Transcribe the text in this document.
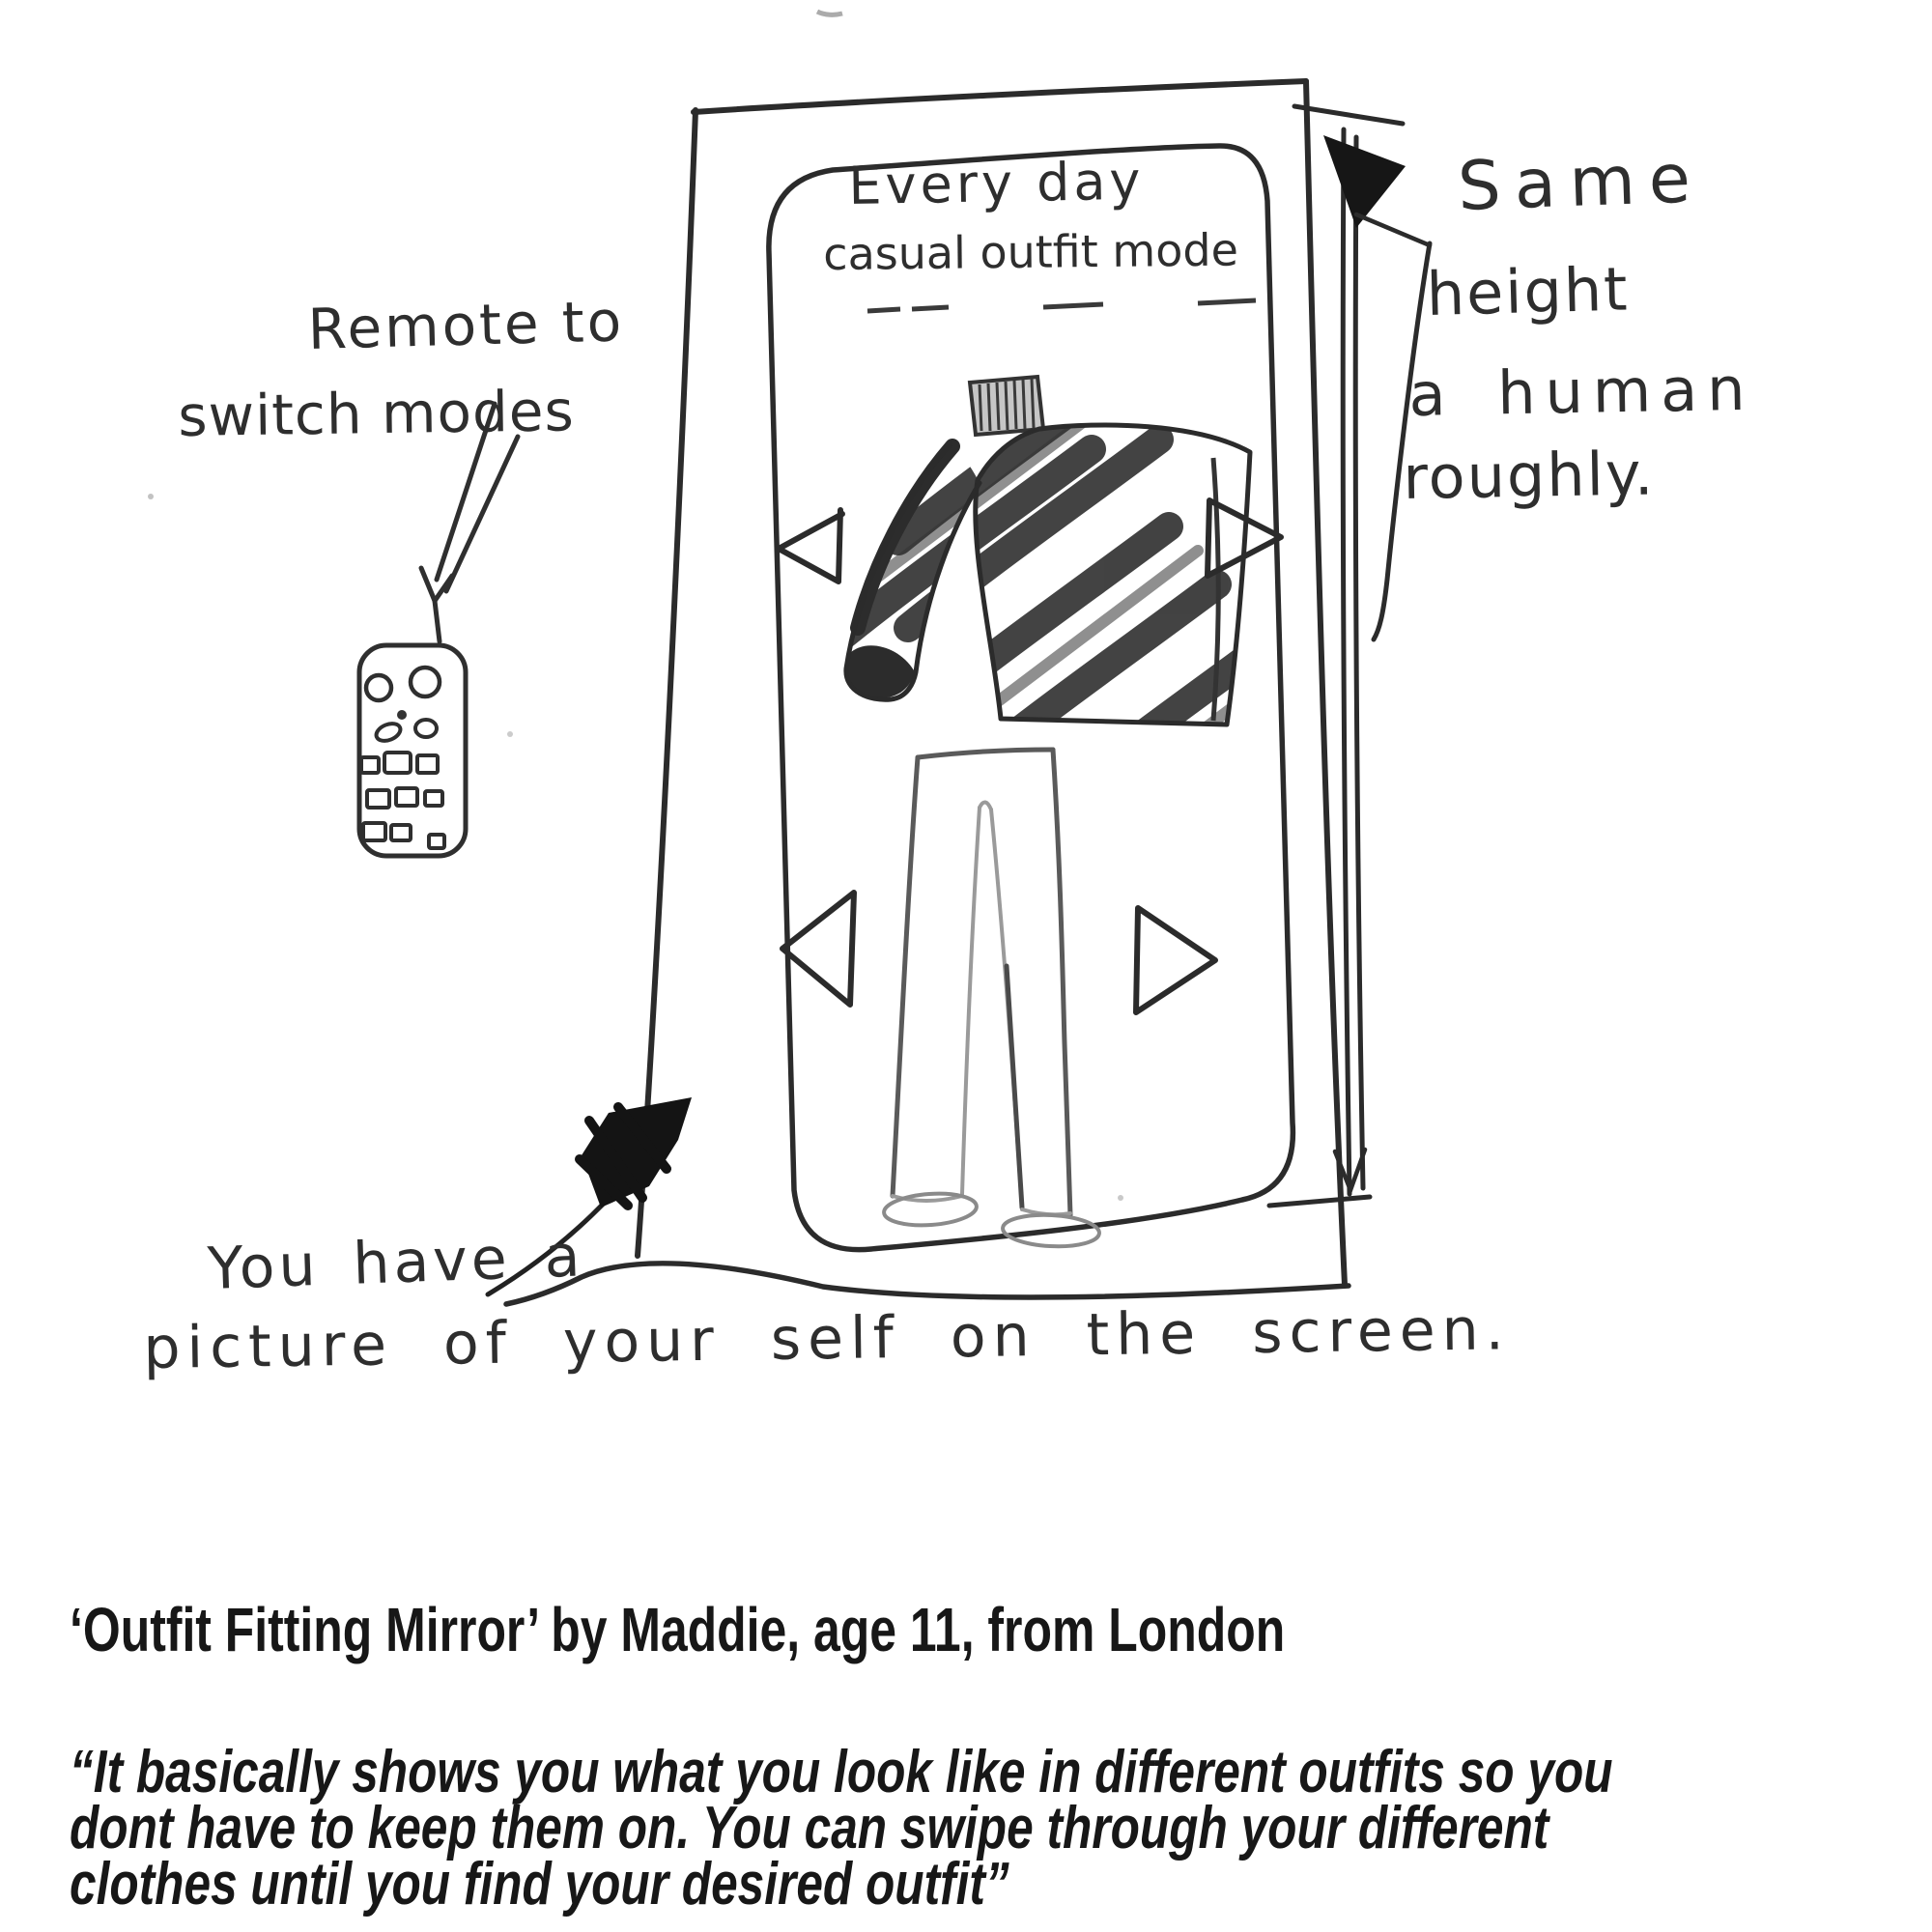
Every day
casual outfit mode
Remote to
switch modes
Same
height
a human
roughly.
You have a
picture of your self on the screen.
‘Outfit Fitting Mirror’ by Maddie, age 11, from London
“It basically shows you what you look like in different outfits so you
dont have to keep them on. You can swipe through your different
clothes until you find your desired outfit”
